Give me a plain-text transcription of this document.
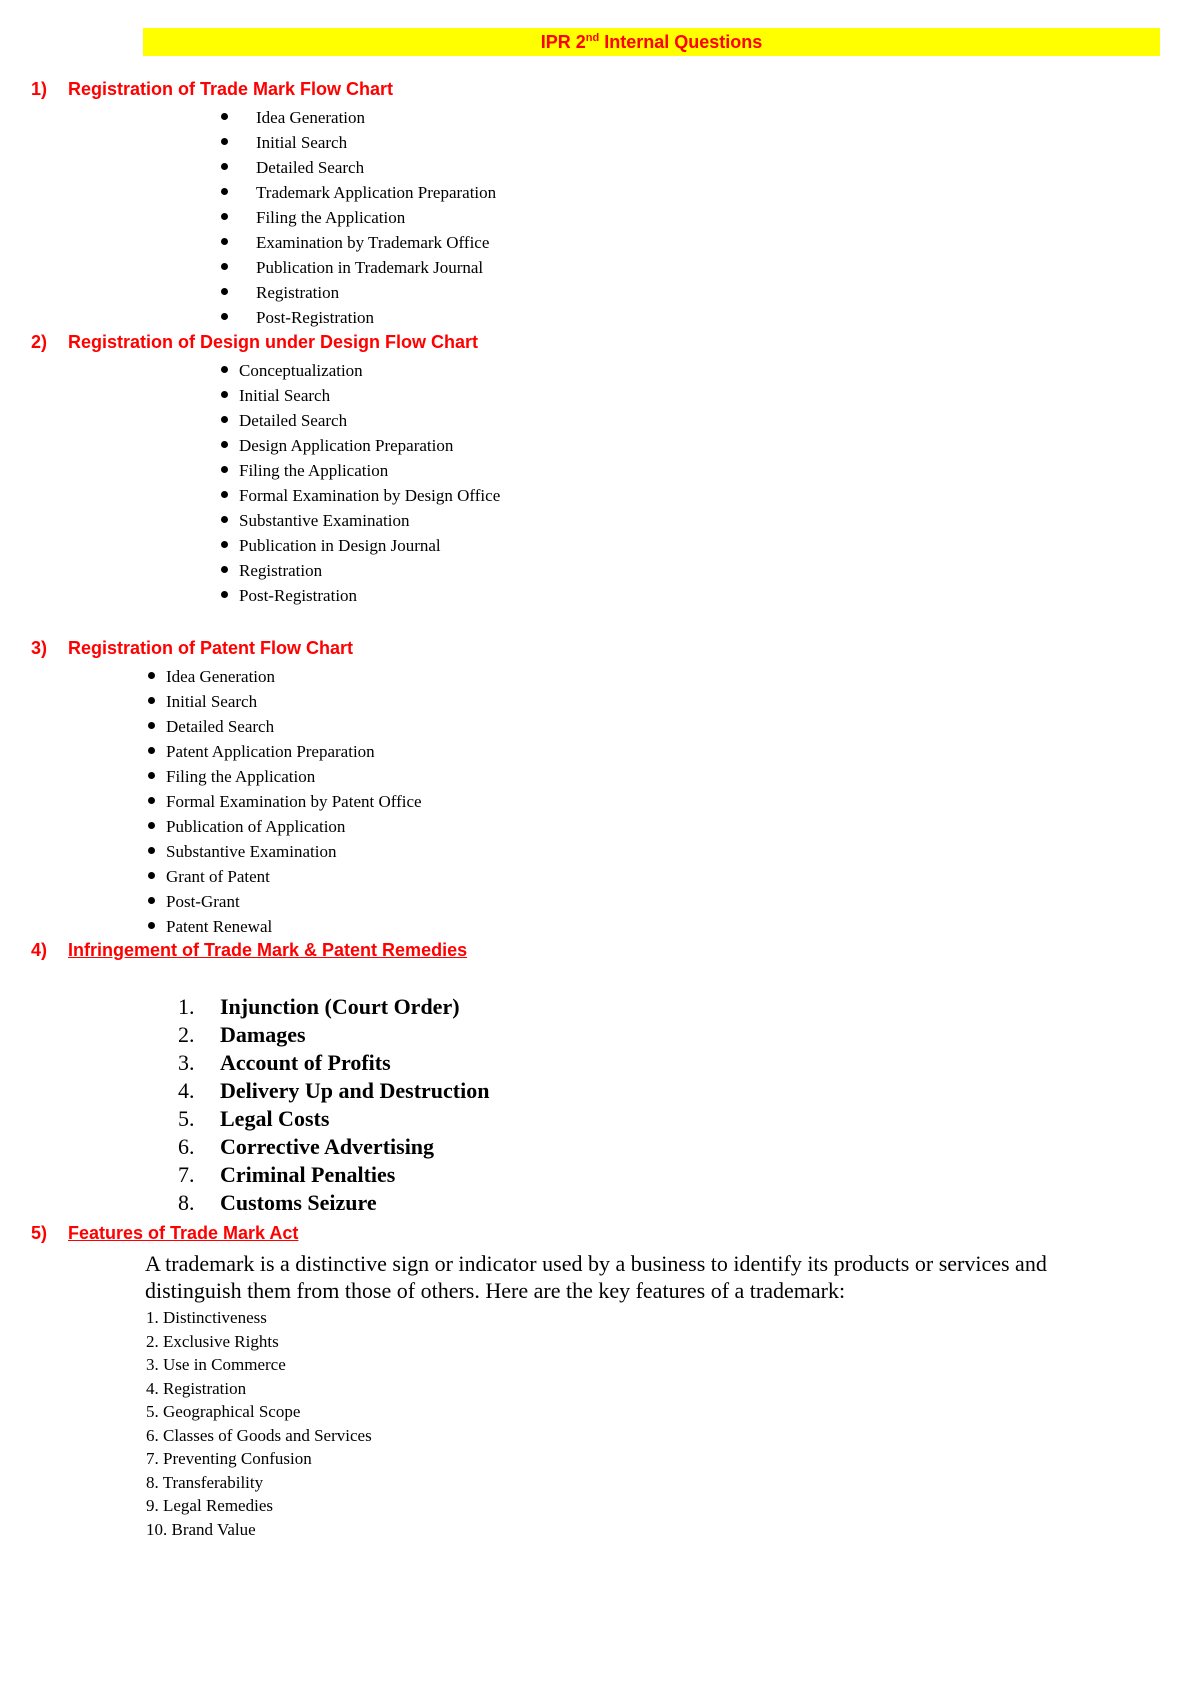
IPR 2nd Internal Questions
1) Registration of Trade Mark Flow Chart
Idea Generation
Initial Search
Detailed Search
Trademark Application Preparation
Filing the Application
Examination by Trademark Office
Publication in Trademark Journal
Registration
Post-Registration
2) Registration of Design under Design Flow Chart
Conceptualization
Initial Search
Detailed Search
Design Application Preparation
Filing the Application
Formal Examination by Design Office
Substantive Examination
Publication in Design Journal
Registration
Post-Registration
3) Registration of Patent Flow Chart
Idea Generation
Initial Search
Detailed Search
Patent Application Preparation
Filing the Application
Formal Examination by Patent Office
Publication of Application
Substantive Examination
Grant of Patent
Post-Grant
Patent Renewal
4) Infringement of Trade Mark & Patent Remedies
1.	Injunction (Court Order)
2.	Damages
3.	Account of Profits
4.	Delivery Up and Destruction
5.	Legal Costs
6.	Corrective Advertising
7.	Criminal Penalties
8.	Customs Seizure
5) Features of Trade Mark Act
A trademark is a distinctive sign or indicator used by a business to identify its products or services and distinguish them from those of others. Here are the key features of a trademark:
1. Distinctiveness
2. Exclusive Rights
3. Use in Commerce
4. Registration
5. Geographical Scope
6. Classes of Goods and Services
7. Preventing Confusion
8. Transferability
9. Legal Remedies
10. Brand Value
